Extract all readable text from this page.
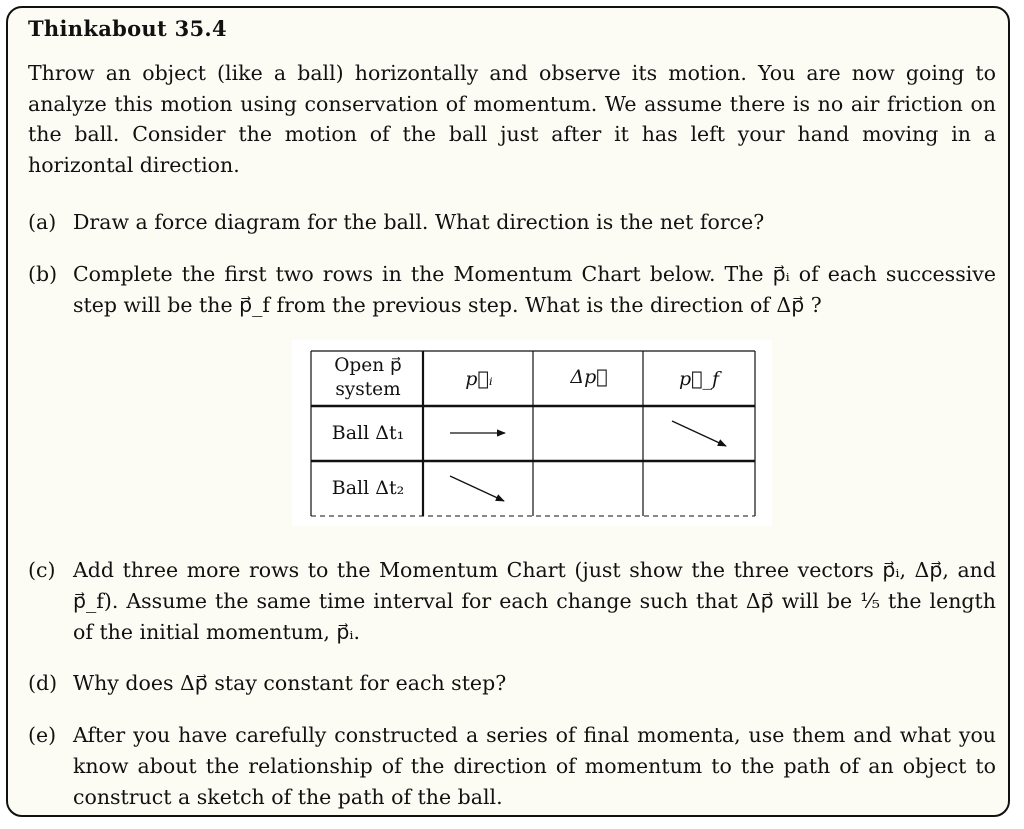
Thinkabout 35.4
Throw an object (like a ball) horizontally and observe its motion. You are now going to analyze this motion using conservation of momentum. We assume there is no air friction on the ball. Consider the motion of the ball just after it has left your hand moving in a horizontal direction.
(a) Draw a force diagram for the ball. What direction is the net force?
(b) Complete the first two rows in the Momentum Chart below. The p⃗ᵢ of each successive step will be the p⃗_f from the previous step. What is the direction of Δp⃗ ?
Open p⃗ system	p⃗ᵢ	Δp⃗	p⃗_f
Ball Δt₁
Ball Δt₂
(c) Add three more rows to the Momentum Chart (just show the three vectors p⃗ᵢ, Δp⃗, and p⃗_f). Assume the same time interval for each change such that Δp⃗ will be ¹⁄₅ the length of the initial momentum, p⃗ᵢ.
(d) Why does Δp⃗ stay constant for each step?
(e) After you have carefully constructed a series of final momenta, use them and what you know about the relationship of the direction of momentum to the path of an object to construct a sketch of the path of the ball.
